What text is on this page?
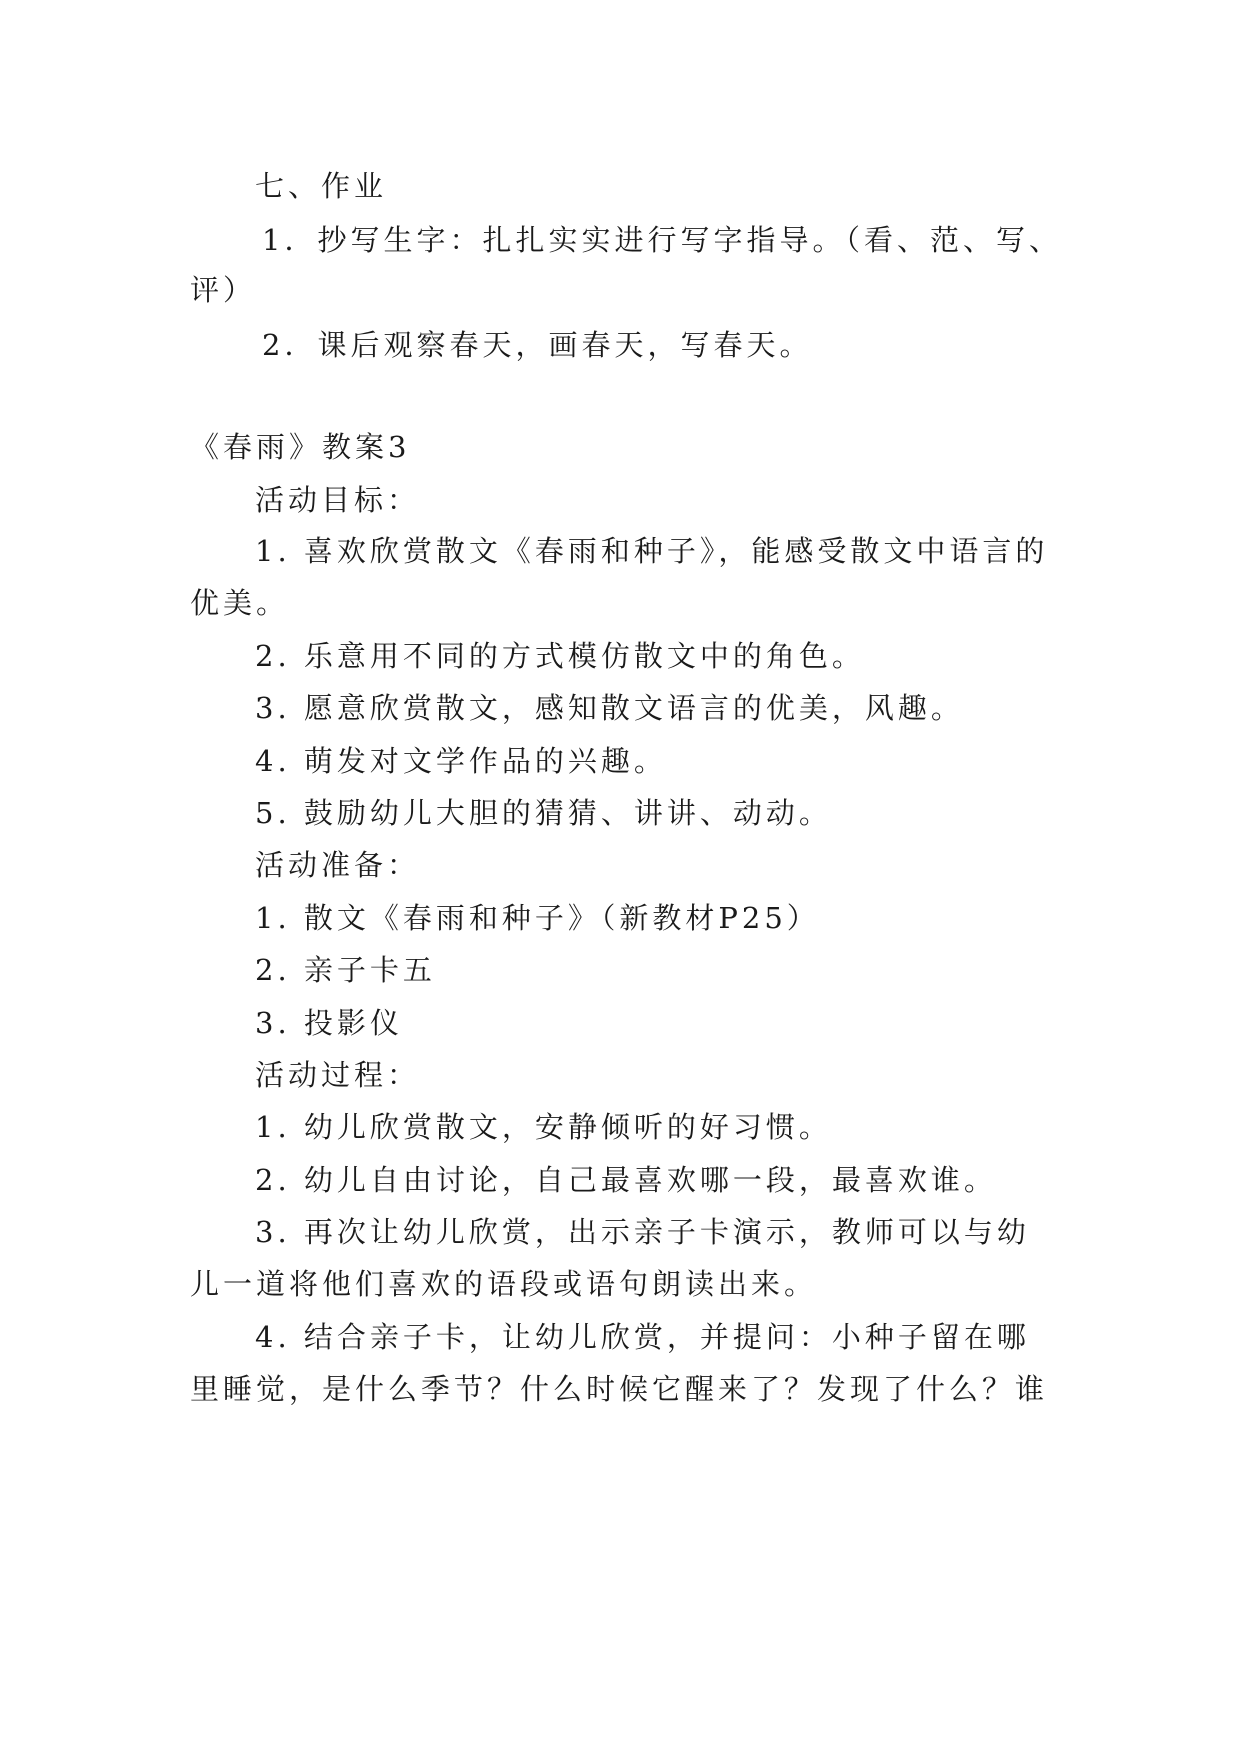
七、作业
1．抄写生字：扎扎实实进行写字指导。（看、范、写、
评）
2．课后观察春天，画春天，写春天。
《春雨》教案3
活动目标：
1. 喜欢欣赏散文《春雨和种子》，能感受散文中语言的
优美。
2. 乐意用不同的方式模仿散文中的角色。
3. 愿意欣赏散文，感知散文语言的优美，风趣。
4. 萌发对文学作品的兴趣。
5. 鼓励幼儿大胆的猜猜、讲讲、动动。
活动准备：
1. 散文《春雨和种子》（新教材P25）
2. 亲子卡五
3. 投影仪
活动过程：
1. 幼儿欣赏散文，安静倾听的好习惯。
2. 幼儿自由讨论，自己最喜欢哪一段，最喜欢谁。
3. 再次让幼儿欣赏，出示亲子卡演示，教师可以与幼
儿一道将他们喜欢的语段或语句朗读出来。
4. 结合亲子卡，让幼儿欣赏，并提问：小种子留在哪
里睡觉，是什么季节？什么时候它醒来了？发现了什么？谁
